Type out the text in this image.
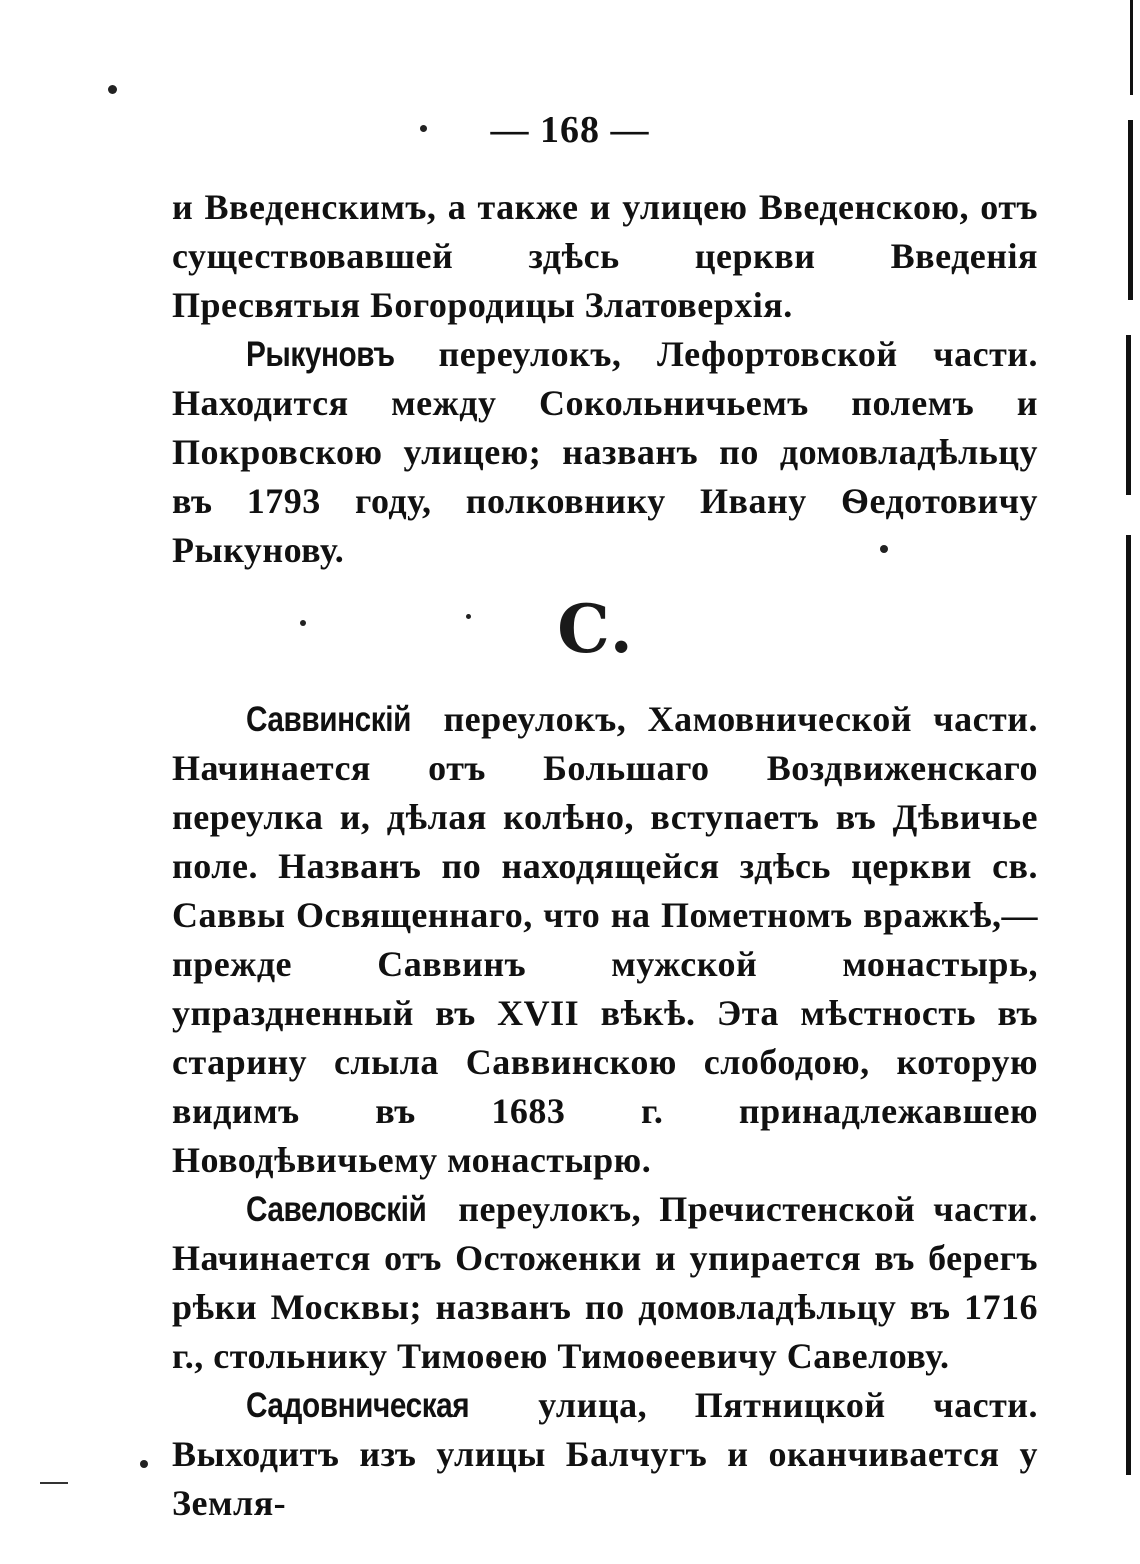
— 168 —

и Введенскимъ, а также и улицею Введенскою, отъ существовавшей здѣсь церкви Введенія Пресвятыя Богородицы Златоверхія.

Рыкуновъ переулокъ, Лефортовской части. Находится между Сокольничьемъ полемъ и Покровскою улицею; названъ по домовладѣльцу въ 1793 году, полковнику Ивану Ѳедотовичу Рыкунову.

С.

Саввинскій переулокъ, Хамовнической части. Начинается отъ Большаго Воздвиженскаго переулка и, дѣлая колѣно, вступаетъ въ Дѣвичье поле. Названъ по находящейся здѣсь церкви св. Саввы Освященнаго, что на Пометномъ вражкѣ,—прежде Саввинъ мужской монастырь, упраздненный въ XVII вѣкѣ. Эта мѣстность въ старину слыла Саввинскою слободою, которую видимъ въ 1683 г. принадлежавшею Новодѣвичьему монастырю.

Савеловскій переулокъ, Пречистенской части. Начинается отъ Остоженки и упирается въ берегъ рѣки Москвы; названъ по домовладѣльцу въ 1716 г., стольнику Тимоѳею Тимоѳеевичу Савелову.

Садовническая улица, Пятницкой части. Выходитъ изъ улицы Балчугъ и оканчивается у Земля-
